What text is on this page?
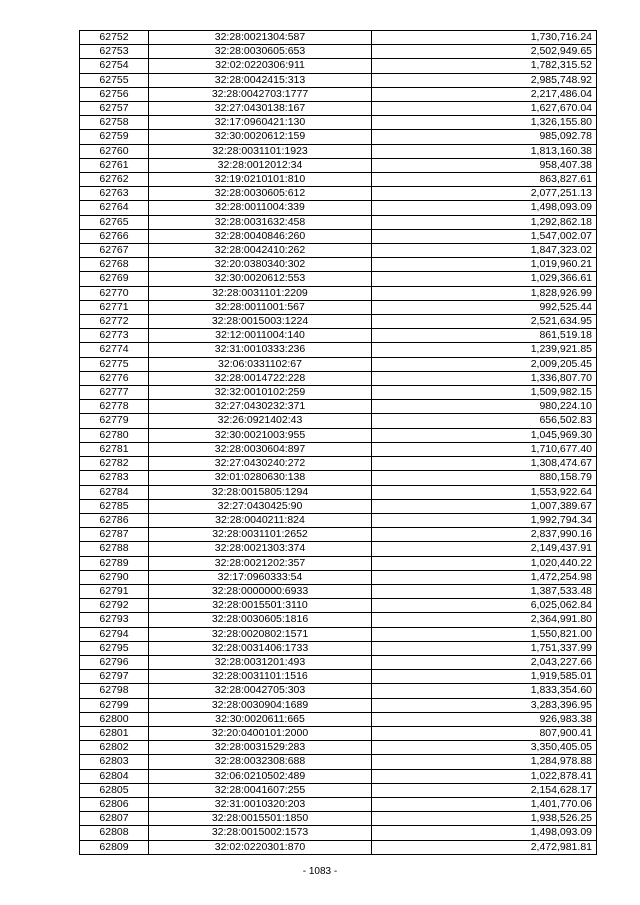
62752	32:28:0021304:587	1,730,716.24
62753	32:28:0030605:653	2,502,949.65
62754	32:02:0220306:911	1,782,315.52
62755	32:28:0042415:313	2,985,748.92
62756	32:28:0042703:1777	2,217,486.04
62757	32:27:0430138:167	1,627,670.04
62758	32:17:0960421:130	1,326,155.80
62759	32:30:0020612:159	985,092.78
62760	32:28:0031101:1923	1,813,160.38
62761	32:28:0012012:34	958,407.38
62762	32:19:0210101:810	863,827.61
62763	32:28:0030605:612	2,077,251.13
62764	32:28:0011004:339	1,498,093.09
62765	32:28:0031632:458	1,292,862.18
62766	32:28:0040846:260	1,547,002.07
62767	32:28:0042410:262	1,847,323.02
62768	32:20:0380340:302	1,019,960.21
62769	32:30:0020612:553	1,029,366.61
62770	32:28:0031101:2209	1,828,926.99
62771	32:28:0011001:567	992,525.44
62772	32:28:0015003:1224	2,521,634.95
62773	32:12:0011004:140	861,519.18
62774	32:31:0010333:236	1,239,921.85
62775	32:06:0331102:67	2,009,205.45
62776	32:28:0014722:228	1,336,807.70
62777	32:32:0010102:259	1,509,982.15
62778	32:27:0430232:371	980,224.10
62779	32:26:0921402:43	656,502.83
62780	32:30:0021003:955	1,045,969.30
62781	32:28:0030604:897	1,710,677.40
62782	32:27:0430240:272	1,308,474.67
62783	32:01:0280630:138	880,158.79
62784	32:28:0015805:1294	1,553,922.64
62785	32:27:0430425:90	1,007,389.67
62786	32:28:0040211:824	1,992,794.34
62787	32:28:0031101:2652	2,837,990.16
62788	32:28:0021303:374	2,149,437.91
62789	32:28:0021202:357	1,020,440.22
62790	32:17:0960333:54	1,472,254.98
62791	32:28:0000000:6933	1,387,533.48
62792	32:28:0015501:3110	6,025,062.84
62793	32:28:0030605:1816	2,364,991.80
62794	32:28:0020802:1571	1,550,821.00
62795	32:28:0031406:1733	1,751,337.99
62796	32:28:0031201:493	2,043,227.66
62797	32:28:0031101:1516	1,919,585.01
62798	32:28:0042705:303	1,833,354.60
62799	32:28:0030904:1689	3,283,396.95
62800	32:30:0020611:665	926,983.38
62801	32:20:0400101:2000	807,900.41
62802	32:28:0031529:283	3,350,405.05
62803	32:28:0032308:688	1,284,978.88
62804	32:06:0210502:489	1,022,878.41
62805	32:28:0041607:255	2,154,628.17
62806	32:31:0010320:203	1,401,770.06
62807	32:28:0015501:1850	1,938,526.25
62808	32:28:0015002:1573	1,498,093.09
62809	32:02:0220301:870	2,472,981.81
- 1083 -
